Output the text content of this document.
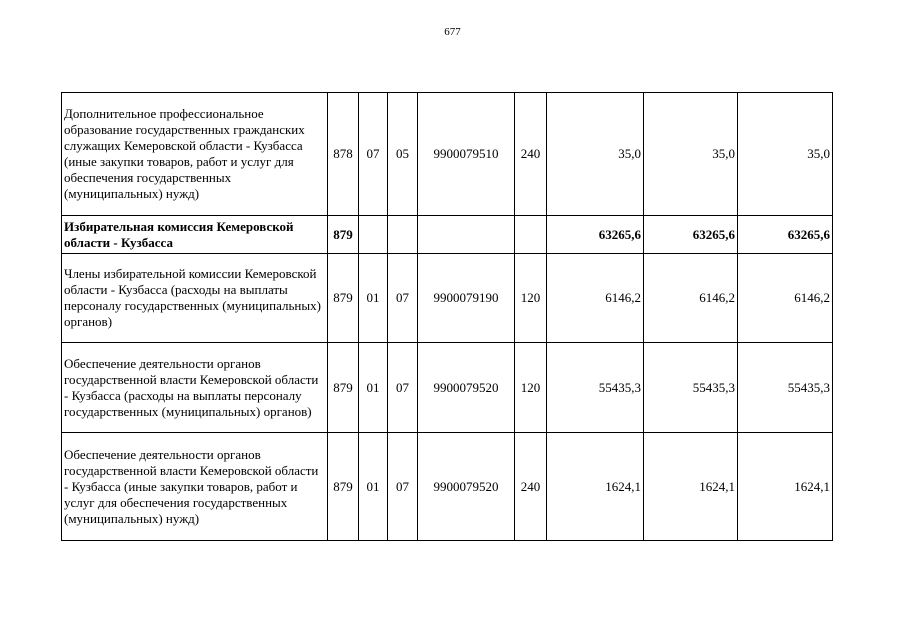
677
Дополнительное профессиональное образование государственных гражданских служащих Кемеровской области - Кузбасса (иные закупки товаров, работ и услуг для обеспечения государственных (муниципальных) нужд)	878	07	05	9900079510	240	35,0	35,0	35,0
Избирательная комиссия Кемеровской области - Кузбасса	879					63265,6	63265,6	63265,6
Члены избирательной комиссии Кемеровской области - Кузбасса (расходы на выплаты персоналу государственных (муниципальных) органов)	879	01	07	9900079190	120	6146,2	6146,2	6146,2
Обеспечение деятельности органов государственной власти Кемеровской области - Кузбасса (расходы на выплаты персоналу государственных (муниципальных) органов)	879	01	07	9900079520	120	55435,3	55435,3	55435,3
Обеспечение деятельности органов государственной власти Кемеровской области - Кузбасса (иные закупки товаров, работ и услуг для обеспечения государственных (муниципальных) нужд)	879	01	07	9900079520	240	1624,1	1624,1	1624,1
